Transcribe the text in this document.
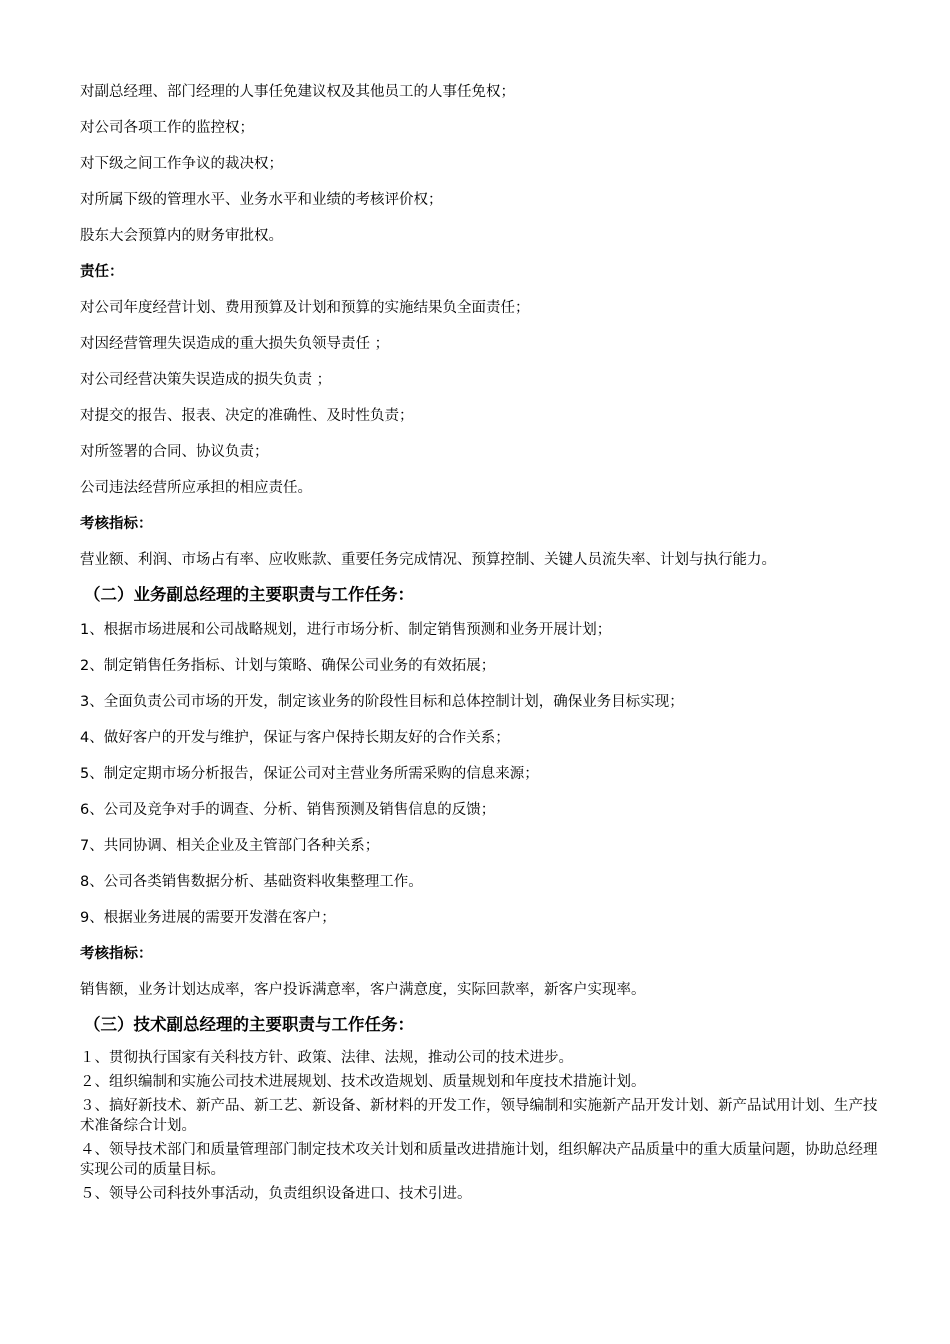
对副总经理、部门经理的人事任免建议权及其他员工的人事任免权；

对公司各项工作的监控权；

对下级之间工作争议的裁决权；

对所属下级的管理水平、业务水平和业绩的考核评价权；

股东大会预算内的财务审批权。

责任：

对公司年度经营计划、费用预算及计划和预算的实施结果负全面责任；

对因经营管理失误造成的重大损失负领导责任 ；

对公司经营决策失误造成的损失负责 ；

对提交的报告、报表、决定的准确性、及时性负责；

对所签署的合同、协议负责；

公司违法经营所应承担的相应责任。

考核指标：

营业额、利润、市场占有率、应收账款、重要任务完成情况、预算控制、关键人员流失率、计划与执行能力。

（二）业务副总经理的主要职责与工作任务：

1、根据市场进展和公司战略规划，进行市场分析、制定销售预测和业务开展计划；

2、制定销售任务指标、计划与策略、确保公司业务的有效拓展；

3、全面负责公司市场的开发，制定该业务的阶段性目标和总体控制计划，确保业务目标实现；

4、做好客户的开发与维护，保证与客户保持长期友好的合作关系；

5、制定定期市场分析报告，保证公司对主营业务所需采购的信息来源；

6、公司及竞争对手的调查、分析、销售预测及销售信息的反馈；

7、共同协调、相关企业及主管部门各种关系；

8、公司各类销售数据分析、基础资料收集整理工作。

9、根据业务进展的需要开发潜在客户；

考核指标：

销售额，业务计划达成率，客户投诉满意率，客户满意度，实际回款率，新客户实现率。

（三）技术副总经理的主要职责与工作任务：

１、贯彻执行国家有关科技方针、政策、法律、法规，推动公司的技术进步。

２、组织编制和实施公司技术进展规划、技术改造规划、质量规划和年度技术措施计划。

３、搞好新技术、新产品、新工艺、新设备、新材料的开发工作，领导编制和实施新产品开发计划、新产品试用计划、生产技术准备综合计划。

４、领导技术部门和质量管理部门制定技术攻关计划和质量改进措施计划，组织解决产品质量中的重大质量问题，协助总经理实现公司的质量目标。

５、领导公司科技外事活动，负责组织设备进口、技术引进。
